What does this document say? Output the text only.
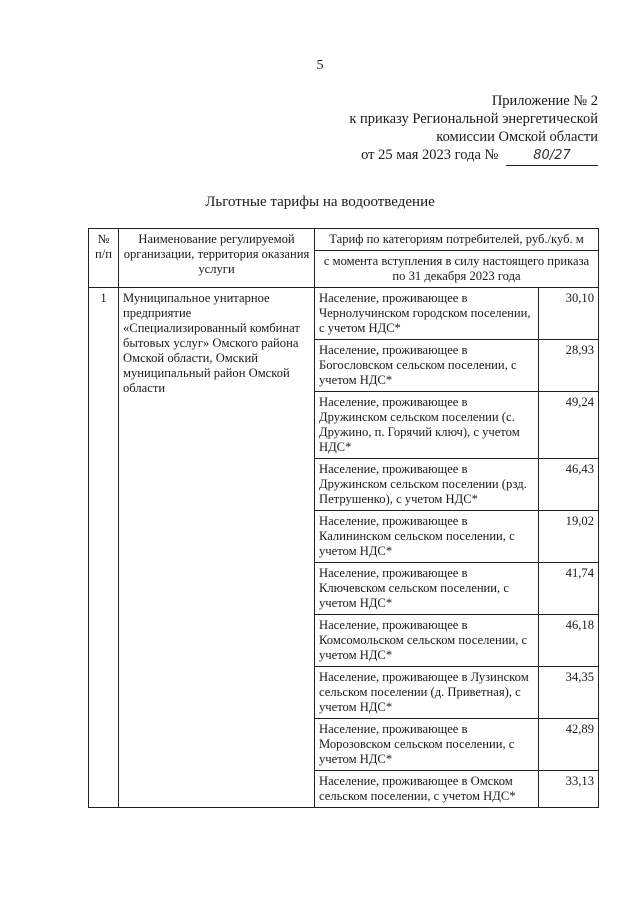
5
Приложение № 2
к приказу Региональной энергетической
комиссии Омской области
от 25 мая 2023 года №	80/27
Льготные тарифы на водоотведение
№ п/п	Наименование регулируемой организации, территория оказания услуги	Тариф по категориям потребителей, руб./куб. м	
		с момента вступления в силу настоящего приказа по 31 декабря 2023 года	
1	Муниципальное унитарное предприятие «Специализированный комбинат бытовых услуг» Омского района Омской области, Омский муниципальный район Омской области	Население, проживающее в Чернолучинском городском поселении, с учетом НДС*	30,10
		Население, проживающее в Богословском сельском поселении, с учетом НДС*	28,93
		Население, проживающее в Дружинском сельском поселении (с. Дружино, п. Горячий ключ), с учетом НДС*	49,24
		Население, проживающее в Дружинском сельском поселении (рзд. Петрушенко), с учетом НДС*	46,43
		Население, проживающее в Калининском сельском поселении, с учетом НДС*	19,02
		Население, проживающее в Ключевском сельском поселении, с учетом НДС*	41,74
		Население, проживающее в Комсомольском сельском поселении, с учетом НДС*	46,18
		Население, проживающее в Лузинском сельском поселении (д. Приветная), с учетом НДС*	34,35
		Население, проживающее в Морозовском сельском поселении, с учетом НДС*	42,89
		Население, проживающее в Омском сельском поселении, с учетом НДС*	33,13
